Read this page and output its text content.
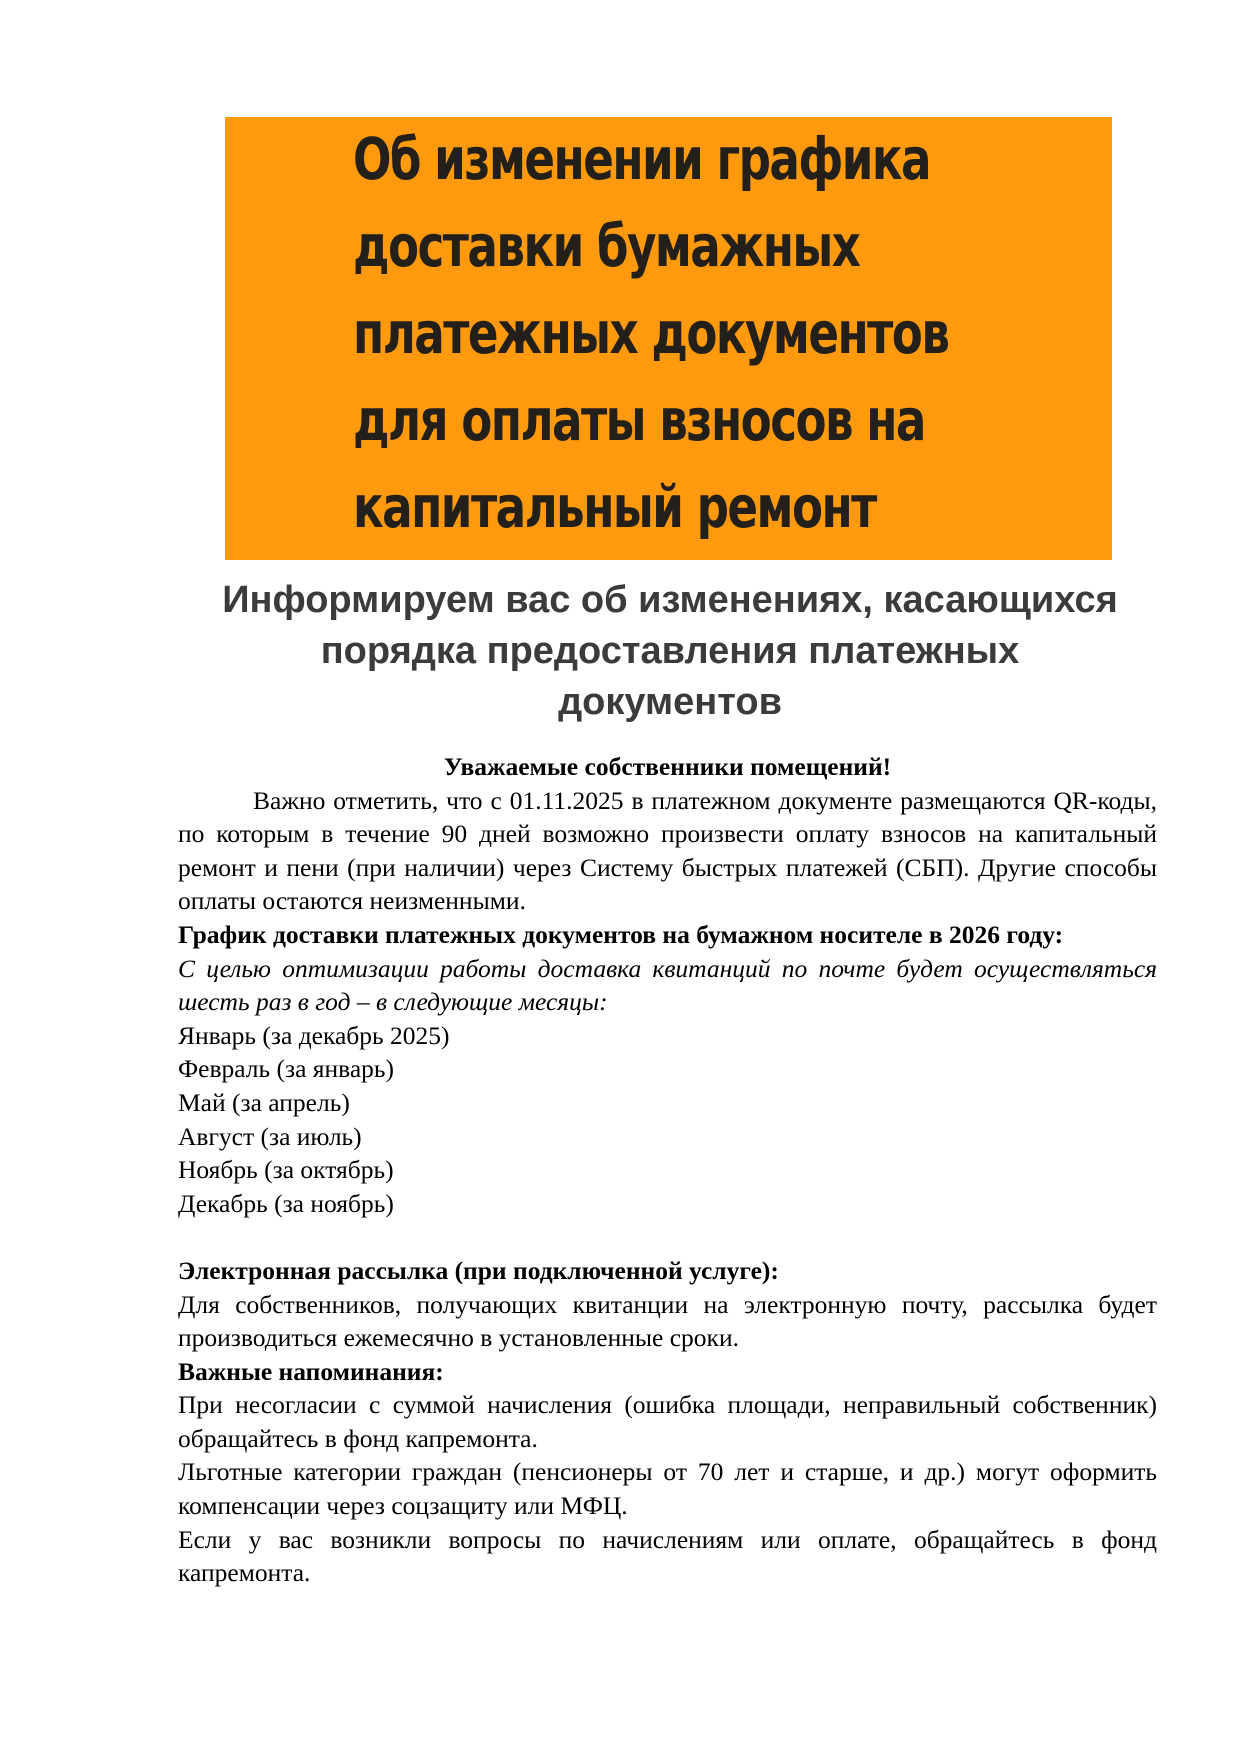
Об изменении графика
доставки бумажных
платежных документов
для оплаты взносов на
капитальный ремонт
Информируем вас об изменениях, касающихся
порядка предоставления платежных
документов

Уважаемые собственники помещений!

Важно отметить, что с 01.11.2025 в платежном документе размещаются QR-коды, по которым в течение 90 дней возможно произвести оплату взносов на капитальный ремонт и пени (при наличии) через Систему быстрых платежей (СБП). Другие способы оплаты остаются неизменными.

График доставки платежных документов на бумажном носителе в 2026 году:

С целью оптимизации работы доставка квитанций по почте будет осуществляться шесть раз в год – в следующие месяцы:

Январь (за декабрь 2025)

Февраль (за январь)

Май (за апрель)

Август (за июль)

Ноябрь (за октябрь)

Декабрь (за ноябрь)

Электронная рассылка (при подключенной услуге):

Для собственников, получающих квитанции на электронную почту, рассылка будет производиться ежемесячно в установленные сроки.

Важные напоминания:

При несогласии с суммой начисления (ошибка площади, неправильный собственник) обращайтесь в фонд капремонта.

Льготные категории граждан (пенсионеры от 70 лет и старше, и др.) могут оформить компенсации через соцзащиту или МФЦ.

Если у вас возникли вопросы по начислениям или оплате, обращайтесь в фонд капремонта.
